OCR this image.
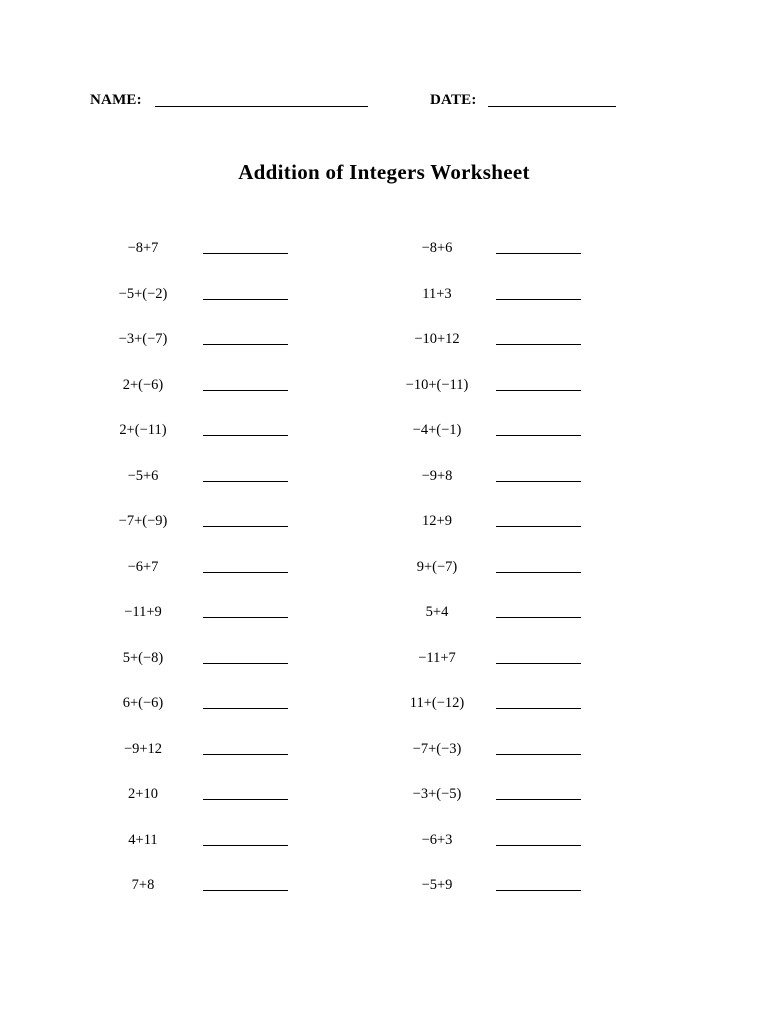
NAME:	DATE:
Addition of Integers Worksheet
−8+7
−5+(−2)
−3+(−7)
2+(−6)
2+(−11)
−5+6
−7+(−9)
−6+7
−11+9
5+(−8)
6+(−6)
−9+12
2+10
4+11
7+8
−8+6
11+3
−10+12
−10+(−11)
−4+(−1)
−9+8
12+9
9+(−7)
5+4
−11+7
11+(−12)
−7+(−3)
−3+(−5)
−6+3
−5+9
